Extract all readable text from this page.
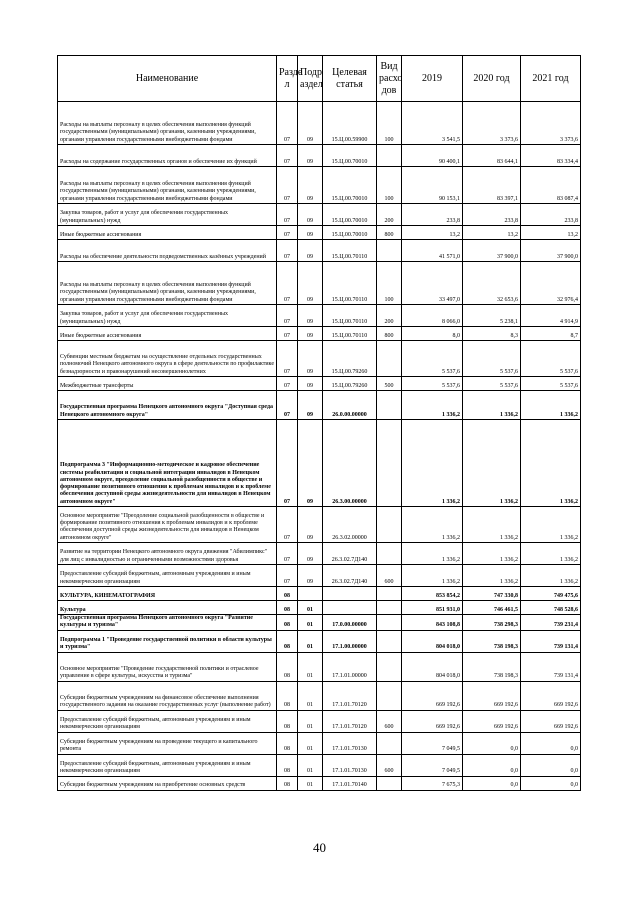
Наименование	Разде л	Подр аздел	Целевая статья	Вид расхо дов	2019	2020 год	2021 год
Расходы на выплаты персоналу в целях обеспечения выполнения функций государственными (муниципальными) органами, казенными учреждениями, органами управления государственными внебюджетными фондами	07	09	15.Ц.00.59900	100	3 541,5	3 373,6	3 373,6
Расходы на содержание государственных органов и обеспечение их функций	07	09	15.Ц.00.70010		90 400,1	83 644,1	83 334,4
Расходы на выплаты персоналу в целях обеспечения выполнения функций государственными (муниципальными) органами, казенными учреждениями, органами управления государственными внебюджетными фондами	07	09	15.Ц.00.70010	100	90 153,1	83 397,1	83 087,4
Закупка товаров, работ и услуг для обеспечения государственных (муниципальных) нужд	07	09	15.Ц.00.70010	200	233,8	233,8	233,8
Иные бюджетные ассигнования	07	09	15.Ц.00.70010	800	13,2	13,2	13,2
Расходы на обеспечение деятельности подведомственных казённых учреждений	07	09	15.Ц.00.70110		41 571,0	37 900,0	37 900,0
Расходы на выплаты персоналу в целях обеспечения выполнения функций государственными (муниципальными) органами, казенными учреждениями, органами управления государственными внебюджетными фондами	07	09	15.Ц.00.70110	100	33 497,0	32 653,6	32 976,4
Закупка товаров, работ и услуг для обеспечения государственных (муниципальных) нужд	07	09	15.Ц.00.70110	200	8 066,0	5 238,1	4 914,9
Иные бюджетные ассигнования	07	09	15.Ц.00.70110	800	8,0	8,3	8,7
Субвенции местным бюджетам на осуществление отдельных государственных полномочий Ненецкого автономного округа в сфере деятельности по профилактике безнадзорности и правонарушений несовершеннолетних	07	09	15.Ц.00.79260		5 537,6	5 537,6	5 537,6
Межбюджетные трансферты	07	09	15.Ц.00.79260	500	5 537,6	5 537,6	5 537,6
Государственная программа Ненецкого автономного округа "Доступная среда Ненецкого автономного округа"	07	09	26.0.00.00000		1 336,2	1 336,2	1 336,2
Подпрограмма 3 "Информационно-методическое и кадровое обеспечение системы реабилитации и социальной интеграции инвалидов в Ненецком автономном округе, преодоление социальной разобщенности в обществе и формирование позитивного отношения к проблемам инвалидов и к проблеме обеспечения доступной среды жизнедеятельности для инвалидов в Ненецком автономном округе"	07	09	26.3.00.00000		1 336,2	1 336,2	1 336,2
Основное мероприятие "Преодоление социальной разобщенности в обществе и формирование позитивного отношения к проблемам инвалидов и к проблеме обеспечения доступной среды жизнедеятельности для инвалидов в Ненецком автономном округе"	07	09	26.3.02.00000		1 336,2	1 336,2	1 336,2
Развитие на территории Ненецкого автономного округа движения "Абилимпикс" для лиц с инвалидностью и ограниченными возможностями здоровья	07	09	26.3.02.7Д140		1 336,2	1 336,2	1 336,2
Предоставление субсидий бюджетным, автономным учреждениям и иным некоммерческим организациям	07	09	26.3.02.7Д140	600	1 336,2	1 336,2	1 336,2
КУЛЬТУРА, КИНЕМАТОГРАФИЯ	08				853 854,2	747 330,8	749 475,6
Культура	08	01			851 931,0	746 461,5	748 528,6
Государственная программа Ненецкого автономного округа "Развитие культуры и туризма"	08	01	17.0.00.00000		843 108,8	738 298,3	739 231,4
Подпрограмма 1 "Проведение государственной политики в области культуры и туризма"	08	01	17.1.00.00000		804 018,0	738 198,3	739 131,4
Основное мероприятие "Проведение государственной политики и отраслевое управление в сфере культуры, искусства и туризма"	08	01	17.1.01.00000		804 018,0	738 198,3	739 131,4
Субсидии бюджетным учреждениям на финансовое обеспечение выполнения государственного задания на оказание государственных услуг (выполнение работ)	08	01	17.1.01.70120		669 192,6	669 192,6	669 192,6
Предоставление субсидий бюджетным, автономным учреждениям и иным некоммерческим организациям	08	01	17.1.01.70120	600	669 192,6	669 192,6	669 192,6
Субсидии бюджетным учреждениям на проведение текущего и капитального ремонта	08	01	17.1.01.70130		7 049,5	0,0	0,0
Предоставление субсидий бюджетным, автономным учреждениям и иным некоммерческим организациям	08	01	17.1.01.70130	600	7 049,5	0,0	0,0
Субсидии бюджетным учреждениям на приобретение основных средств	08	01	17.1.01.70140		7 675,3	0,0	0,0
40
